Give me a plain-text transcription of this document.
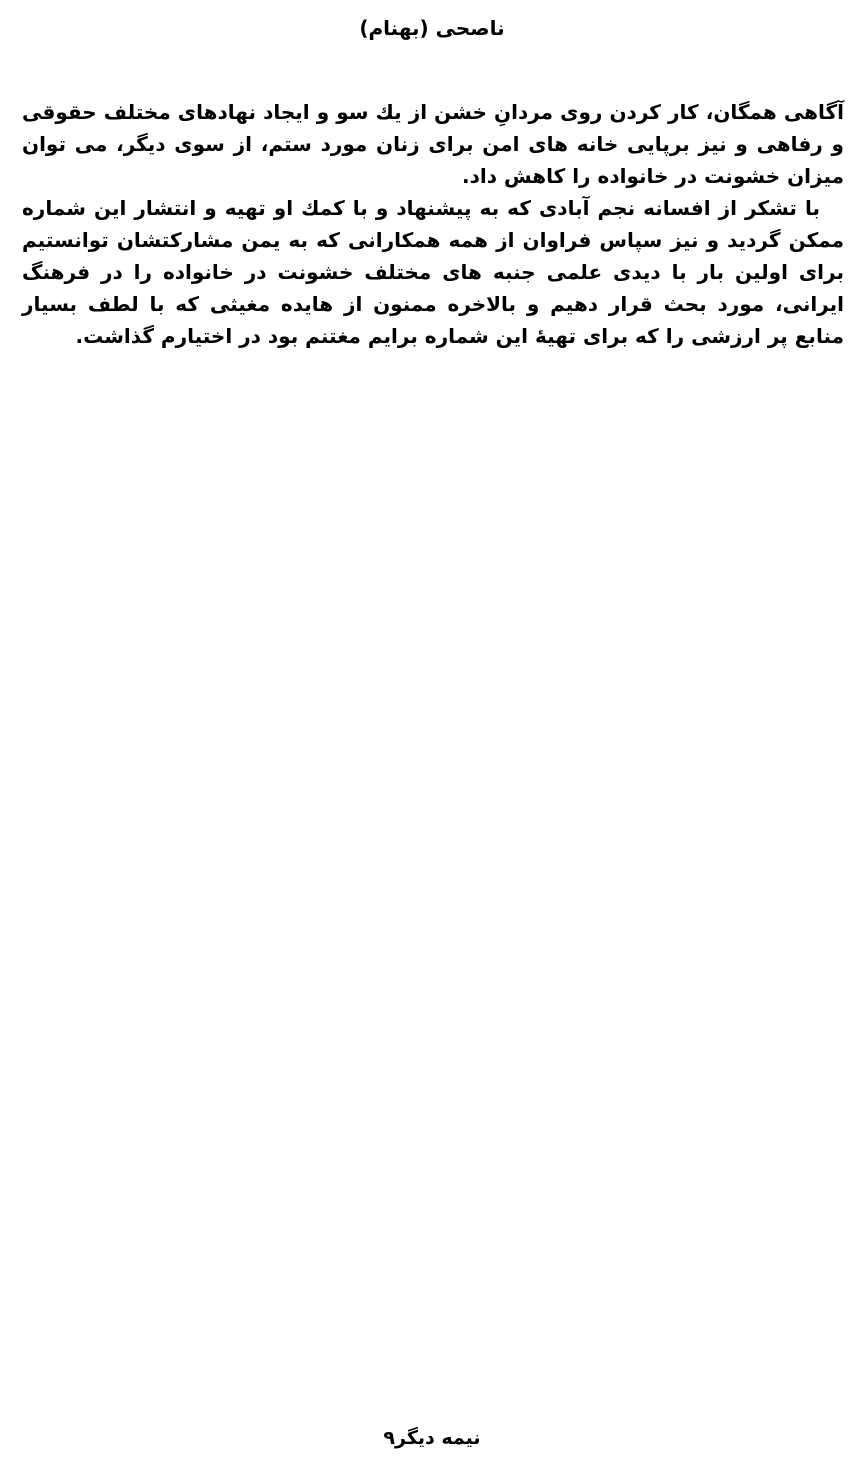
ناصحی (بهنام)

آگاهی همگان، کار کردن روی مردانِ خشن از یك سو و ایجاد نهادهای مختلف حقوقی و رفاهی و نیز برپایی خانه های امن برای زنان مورد ستم، از سوی دیگر، می توان میزان خشونت در خانواده را کاهش داد.

با تشکر از افسانه نجم آبادی که به پیشنهاد و با کمك او تهیه و انتشار این شماره ممکن گردید و نیز سپاس فراوان از همه همکارانی که به یمن مشارکتشان توانستیم برای اولین بار با دیدی علمی جنبه های مختلف خشونت در خانواده را در فرهنگ ایرانی، مورد بحث قرار دهیم و بالاخره ممنون از هایده مغیثی که با لطف بسیار منابع پر ارزشی را که برای تهیهٔ این شماره برایم مغتنم بود در اختیارم گذاشت.

نیمه دیگر۹
